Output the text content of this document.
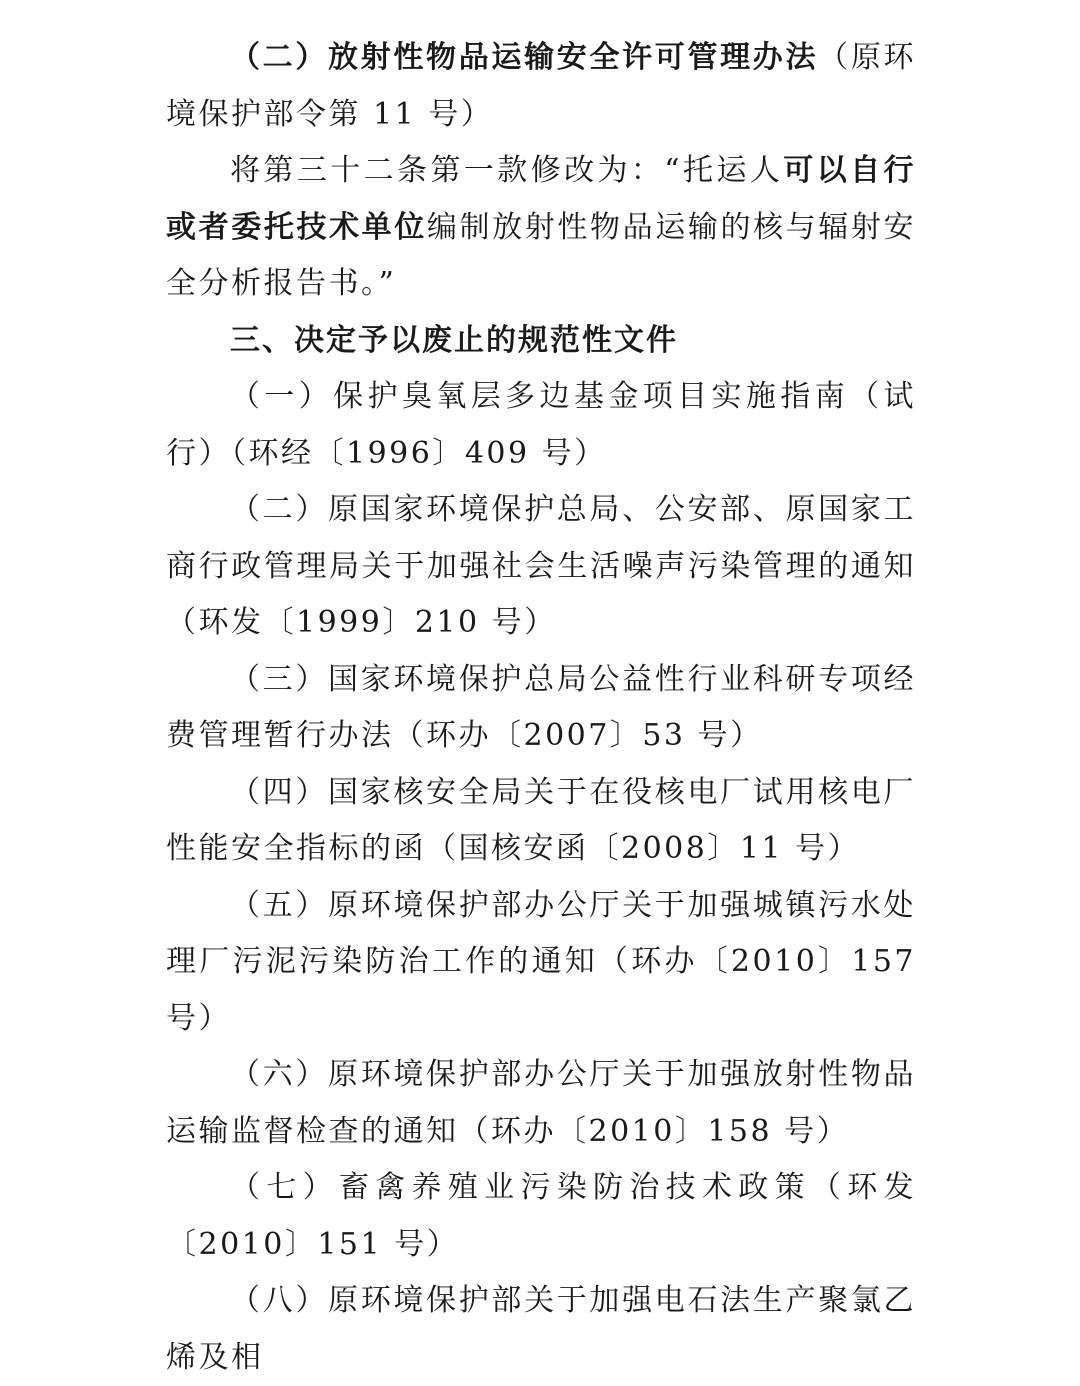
（二）放射性物品运输安全许可管理办法（原环境保护部令第 11 号）

将第三十二条第一款修改为：“托运人可以自行或者委托技术单位编制放射性物品运输的核与辐射安全分析报告书。”

三、决定予以废止的规范性文件

（一）保护臭氧层多边基金项目实施指南（试行）（环经〔1996〕409 号）

（二）原国家环境保护总局、公安部、原国家工商行政管理局关于加强社会生活噪声污染管理的通知（环发〔1999〕210 号）

（三）国家环境保护总局公益性行业科研专项经费管理暂行办法（环办〔2007〕53 号）

（四）国家核安全局关于在役核电厂试用核电厂性能安全指标的函（国核安函〔2008〕11 号）

（五）原环境保护部办公厅关于加强城镇污水处理厂污泥污染防治工作的通知（环办〔2010〕157 号）

（六）原环境保护部办公厅关于加强放射性物品运输监督检查的通知（环办〔2010〕158 号）

（七）畜禽养殖业污染防治技术政策（环发〔2010〕151 号）

（八）原环境保护部关于加强电石法生产聚氯乙烯及相
